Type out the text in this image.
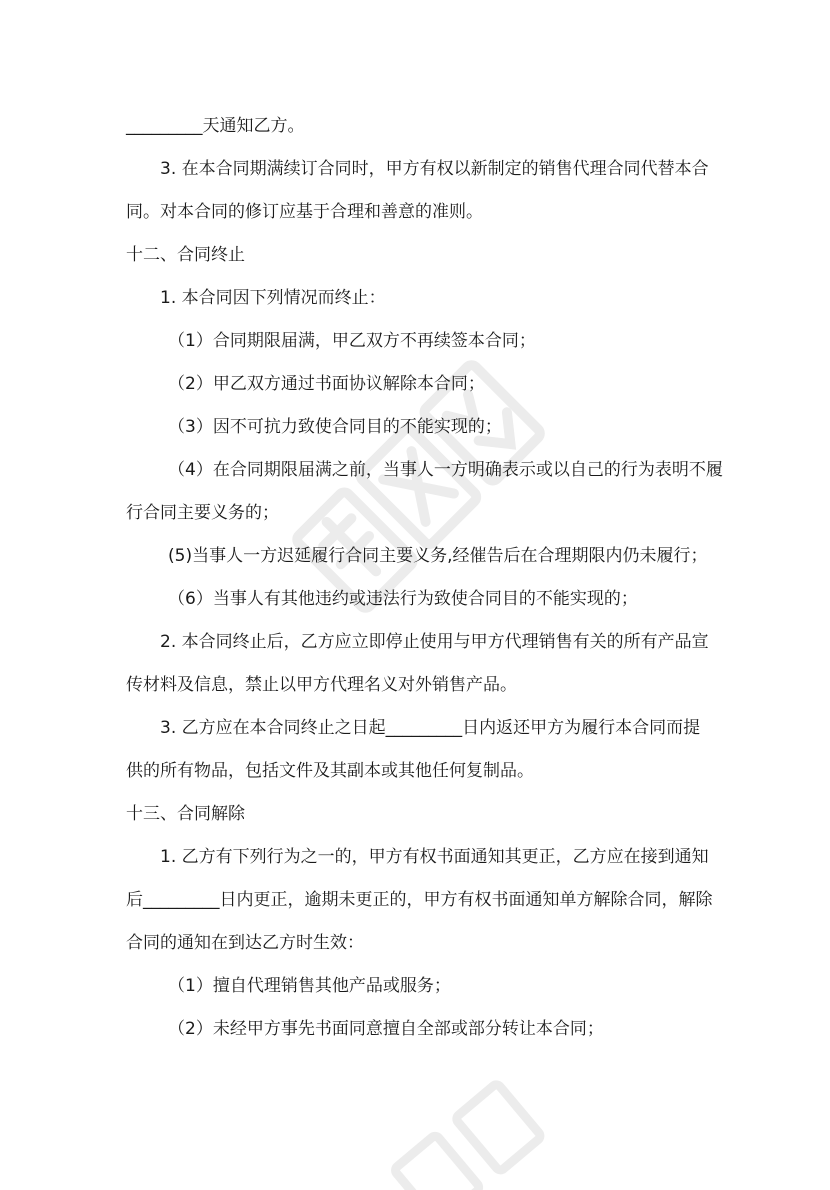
_________天通知乙方。

3. 在本合同期满续订合同时，甲方有权以新制定的销售代理合同代替本合

同。对本合同的修订应基于合理和善意的准则。

十二、合同终止

1. 本合同因下列情况而终止：

（1）合同期限届满，甲乙双方不再续签本合同；

（2）甲乙双方通过书面协议解除本合同；

（3）因不可抗力致使合同目的不能实现的；

（4）在合同期限届满之前，当事人一方明确表示或以自己的行为表明不履

行合同主要义务的；

(5)当事人一方迟延履行合同主要义务,经催告后在合理期限内仍未履行；

（6）当事人有其他违约或违法行为致使合同目的不能实现的；

2. 本合同终止后，乙方应立即停止使用与甲方代理销售有关的所有产品宣

传材料及信息，禁止以甲方代理名义对外销售产品。

3. 乙方应在本合同终止之日起_________日内返还甲方为履行本合同而提

供的所有物品，包括文件及其副本或其他任何复制品。

十三、合同解除

1. 乙方有下列行为之一的，甲方有权书面通知其更正，乙方应在接到通知

后_________日内更正，逾期未更正的，甲方有权书面通知单方解除合同，解除

合同的通知在到达乙方时生效：

（1）擅自代理销售其他产品或服务；

（2）未经甲方事先书面同意擅自全部或部分转让本合同；
